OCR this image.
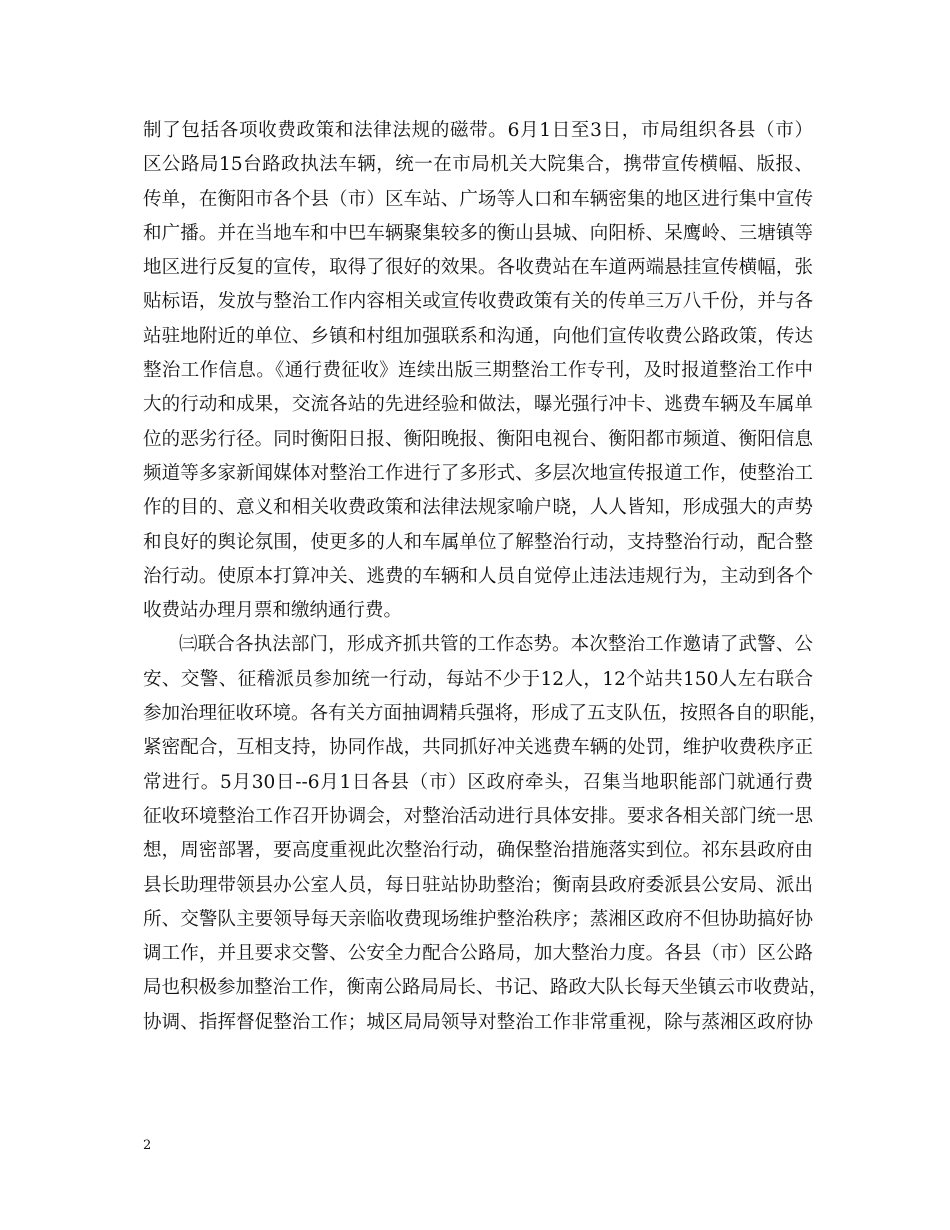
制了包括各项收费政策和法律法规的磁带。6月1日至3日，市局组织各县（市）
区公路局15台路政执法车辆，统一在市局机关大院集合，携带宣传横幅、版报、
传单，在衡阳市各个县（市）区车站、广场等人口和车辆密集的地区进行集中宣传
和广播。并在当地车和中巴车辆聚集较多的衡山县城、向阳桥、呆鹰岭、三塘镇等
地区进行反复的宣传，取得了很好的效果。各收费站在车道两端悬挂宣传横幅，张
贴标语，发放与整治工作内容相关或宣传收费政策有关的传单三万八千份，并与各
站驻地附近的单位、乡镇和村组加强联系和沟通，向他们宣传收费公路政策，传达
整治工作信息。《通行费征收》连续出版三期整治工作专刊，及时报道整治工作中
大的行动和成果，交流各站的先进经验和做法，曝光强行冲卡、逃费车辆及车属单
位的恶劣行径。同时衡阳日报、衡阳晚报、衡阳电视台、衡阳都市频道、衡阳信息
频道等多家新闻媒体对整治工作进行了多形式、多层次地宣传报道工作，使整治工
作的目的、意义和相关收费政策和法律法规家喻户晓，人人皆知，形成强大的声势
和良好的舆论氛围，使更多的人和车属单位了解整治行动，支持整治行动，配合整
治行动。使原本打算冲关、逃费的车辆和人员自觉停止违法违规行为，主动到各个
收费站办理月票和缴纳通行费。
㈢联合各执法部门，形成齐抓共管的工作态势。本次整治工作邀请了武警、公
安、交警、征稽派员参加统一行动，每站不少于12人，12个站共150人左右联合
参加治理征收环境。各有关方面抽调精兵强将，形成了五支队伍，按照各自的职能，
紧密配合，互相支持，协同作战，共同抓好冲关逃费车辆的处罚，维护收费秩序正
常进行。5月30日--6月1日各县（市）区政府牵头，召集当地职能部门就通行费
征收环境整治工作召开协调会，对整治活动进行具体安排。要求各相关部门统一思
想，周密部署，要高度重视此次整治行动，确保整治措施落实到位。祁东县政府由
县长助理带领县办公室人员，每日驻站协助整治；衡南县政府委派县公安局、派出
所、交警队主要领导每天亲临收费现场维护整治秩序；蒸湘区政府不但协助搞好协
调工作，并且要求交警、公安全力配合公路局，加大整治力度。各县（市）区公路
局也积极参加整治工作，衡南公路局局长、书记、路政大队长每天坐镇云市收费站，
协调、指挥督促整治工作；城区局局领导对整治工作非常重视，除与蒸湘区政府协
2
